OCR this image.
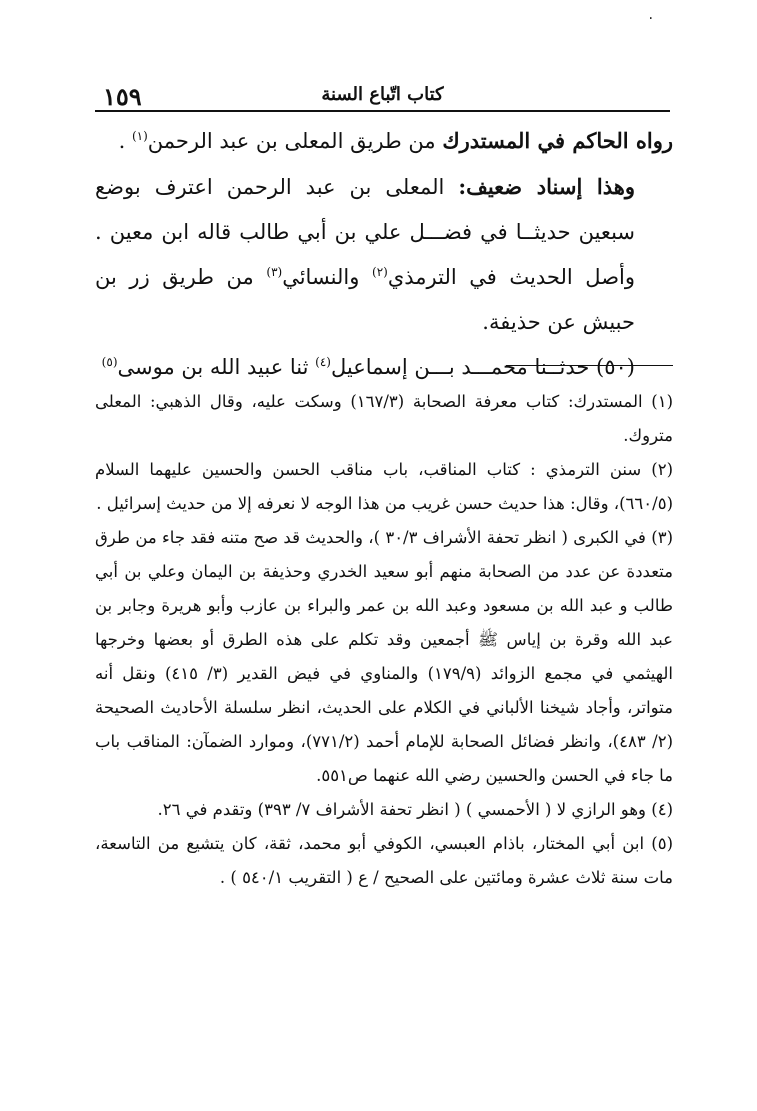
٠
١٥٩	كتاب اتّباع السنة

رواه الحاكم في المستدرك من طريق المعلى بن عبد الرحمن$^{(١)}$ .

وهذا إسناد ضعيف: المعلى بن عبد الرحمن اعترف بوضع سبعين حديثــا في فضـــل علي بن أبي طالب قاله ابن معين . وأصل الحديث في الترمذي$^{(٢)}$ والنسائي$^{(٣)}$ من طريق زر بن حبيش عن حذيفة.

(٥٠) حدثــنا محمـــد بـــن إسماعيل$^{(٤)}$ ثنا عبيد الله بن موسى$^{(٥)}$

(١) المستدرك: كتاب معرفة الصحابة (١٦٧/٣) وسكت عليه، وقال الذهبي: المعلى متروك.

(٢) سنن الترمذي : كتاب المناقب، باب مناقب الحسن والحسين عليهما السلام (٦٦٠/٥)، وقال: هذا حديث حسن غريب من هذا الوجه لا نعرفه إلا من حديث إسرائيل .

(٣) في الكبرى ( انظر تحفة الأشراف ٣٠/٣ )، والحديث قد صح متنه فقد جاء من طرق متعددة عن عدد من الصحابة منهم أبو سعيد الخدري وحذيفة بن اليمان وعلي بن أبي طالب و عبد الله بن مسعود وعبد الله بن عمر والبراء بن عازب وأبو هريرة وجابر بن عبد الله وقرة بن إياس ﷺ أجمعين وقد تكلم على هذه الطرق أو بعضها وخرجها الهيثمي في مجمع الزوائد (١٧٩/٩) والمناوي في فيض القدير (٣/ ٤١٥) ونقل أنه متواتر، وأجاد شيخنا الألباني في الكلام على الحديث، انظر سلسلة الأحاديث الصحيحة (٢/ ٤٨٣)، وانظر فضائل الصحابة للإمام أحمد (٧٧١/٢)، وموارد الضمآن: المناقب باب ما جاء في الحسن والحسين رضي الله عنهما ص٥٥١.

(٤) وهو الرازي لا ( الأحمسي ) ( انظر تحفة الأشراف ٧/ ٣٩٣) وتقدم في ٢٦.

(٥) ابن أبي المختار، باذام العبسي، الكوفي أبو محمد، ثقة، كان يتشيع من التاسعة، مات سنة ثلاث عشرة ومائتين على الصحيح / ع ( التقريب ٥٤٠/١ ) .
